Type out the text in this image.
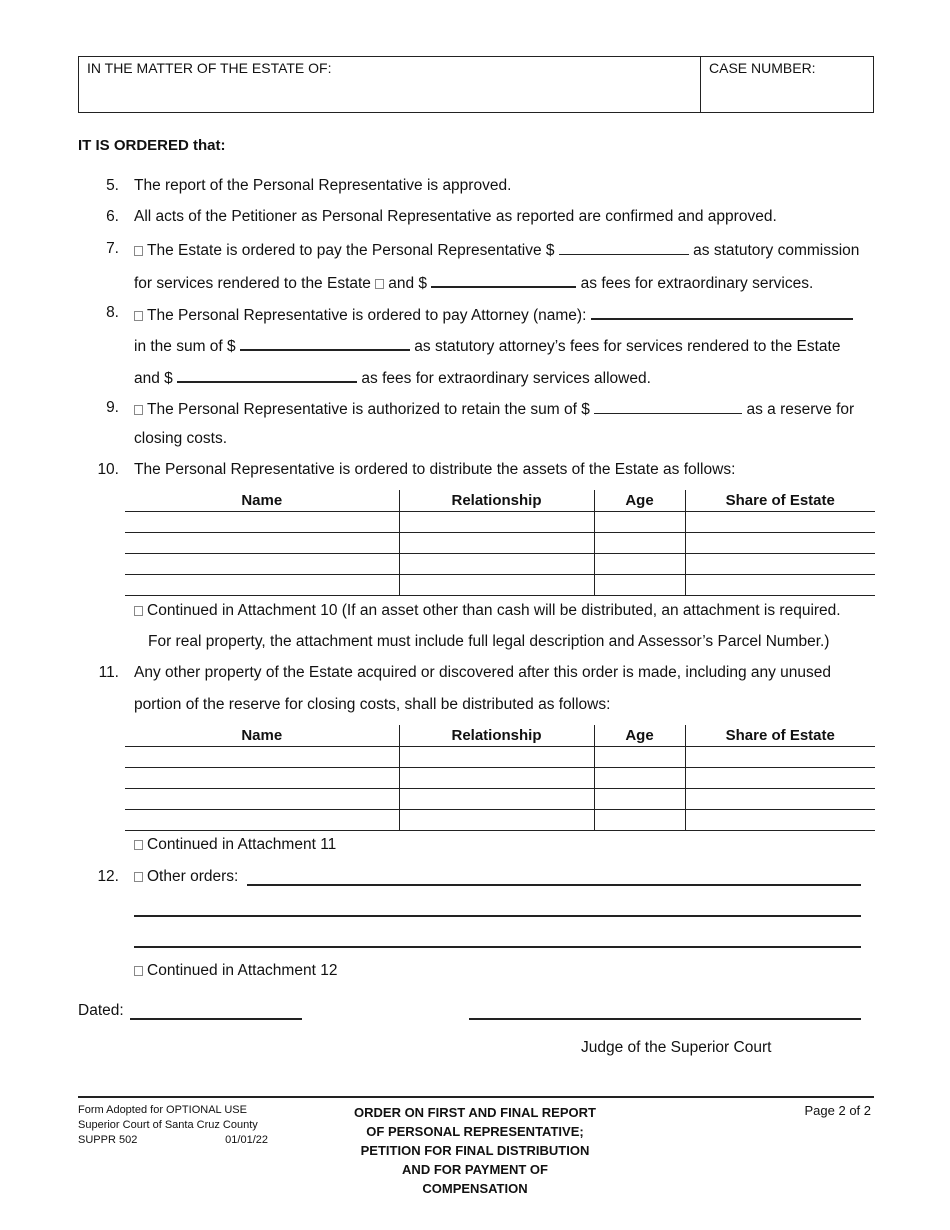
IN THE MATTER OF THE ESTATE OF:	CASE NUMBER:
IT IS ORDERED that:
5. The report of the Personal Representative is approved.
6. All acts of the Petitioner as Personal Representative as reported are confirmed and approved.
7.	The Estate is ordered to pay the Personal Representative $	as statutory commission
for services rendered to the Estate and $	as fees for extraordinary services.
8.	The Personal Representative is ordered to pay Attorney (name):
in the sum of $	as statutory attorney’s fees for services rendered to the Estate
and $	as fees for extraordinary services allowed.
9.	The Personal Representative is authorized to retain the sum of $	as a reserve for
closing costs.
10. The Personal Representative is ordered to distribute the assets of the Estate as follows:
Name	Relationship	Age	Share of Estate

Continued in Attachment 10 (If an asset other than cash will be distributed, an attachment is required.
For real property, the attachment must include full legal description and Assessor’s Parcel Number.)
11. Any other property of the Estate acquired or discovered after this order is made, including any unused
portion of the reserve for closing costs, shall be distributed as follows:
Name	Relationship	Age	Share of Estate

Continued in Attachment 11
12.	Other orders:
Continued in Attachment 12
Dated:
Judge of the Superior Court
Form Adopted for OPTIONAL USE
Superior Court of Santa Cruz County
SUPPR 502	01/01/22
ORDER ON FIRST AND FINAL REPORT
OF PERSONAL REPRESENTATIVE;
PETITION FOR FINAL DISTRIBUTION
AND FOR PAYMENT OF
COMPENSATION
Page 2 of 2
